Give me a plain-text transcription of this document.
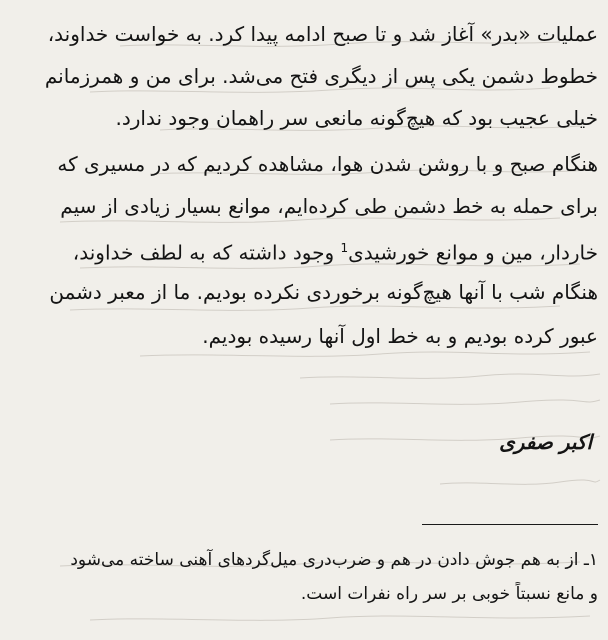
عملیات «بدر» آغاز شد و تا صبح ادامه پیدا کرد. به خواست خداوند،
خطوط دشمن یکی پس از دیگری فتح می‌شد. برای من و همرزمانم
خیلی عجیب بود که هیچ‌گونه مانعی سر راهمان وجود ندارد.
هنگام صبح و با روشن شدن هوا، مشاهده کردیم که در مسیری که
برای حمله به خط دشمن طی کرده‌ایم، موانع بسیار زیادی از سیم
خاردار، مین و موانع خورشیدی$^1$ وجود داشته که به لطف خداوند،
هنگام شب با آنها هیچ‌گونه برخوردی نکرده بودیم. ما از معبر دشمن
عبور کرده بودیم و به خط اول آنها رسیده بودیم.
اکبر صفری
۱ـ از به هم جوش دادن در هم و ضرب‌دری میل‌گردهای آهنی ساخته می‌شود
و مانع نسبتاً خوبی بر سر راه نفرات است.
